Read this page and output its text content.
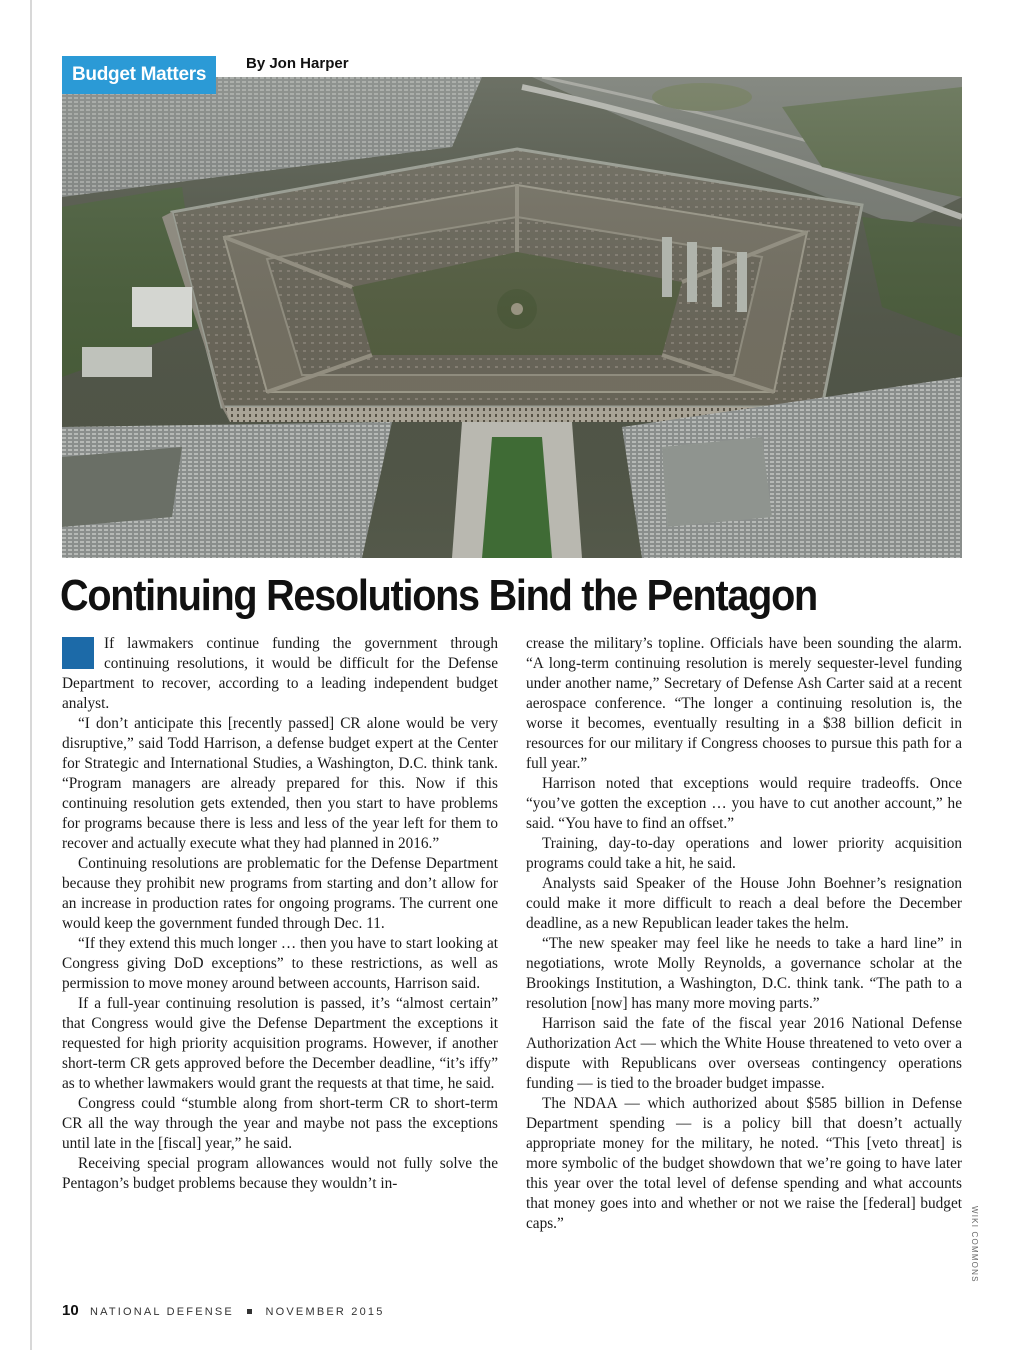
Budget Matters
By Jon Harper
Continuing Resolutions Bind the Pentagon

If lawmakers continue funding the government through continuing resolutions, it would be difficult for the Defense Department to recover, according to a leading independent budget analyst.

“I don’t anticipate this [recently passed] CR alone would be very disruptive,” said Todd Harrison, a defense budget expert at the Center for Strategic and International Studies, a Washington, D.C. think tank. “Program managers are already prepared for this. Now if this continuing resolution gets extended, then you start to have problems for programs because there is less and less of the year left for them to recover and actually execute what they had planned in 2016.”

Continuing resolutions are problematic for the Defense Department because they prohibit new programs from starting and don’t allow for an increase in production rates for ongoing programs. The current one would keep the government funded through Dec. 11.

“If they extend this much longer … then you have to start looking at Congress giving DoD exceptions” to these restrictions, as well as permission to move money around between accounts, Harrison said.

If a full-year continuing resolution is passed, it’s “almost certain” that Congress would give the Defense Department the exceptions it requested for high priority acquisition programs. However, if another short-term CR gets approved before the December deadline, “it’s iffy” as to whether lawmakers would grant the requests at that time, he said.

Congress could “stumble along from short-term CR to short-term CR all the way through the year and maybe not pass the exceptions until late in the [fiscal] year,” he said.

Receiving special program allowances would not fully solve the Pentagon’s budget problems because they wouldn’t in-

crease the military’s topline. Officials have been sounding the alarm. “A long-term continuing resolution is merely sequester-level funding under another name,” Secretary of Defense Ash Carter said at a recent aerospace conference. “The longer a continuing resolution is, the worse it becomes, eventually resulting in a $38 billion deficit in resources for our military if Congress chooses to pursue this path for a full year.”

Harrison noted that exceptions would require tradeoffs. Once “you’ve gotten the exception … you have to cut another account,” he said. “You have to find an offset.”

Training, day-to-day operations and lower priority acquisition programs could take a hit, he said.

Analysts said Speaker of the House John Boehner’s resignation could make it more difficult to reach a deal before the December deadline, as a new Republican leader takes the helm.

“The new speaker may feel like he needs to take a hard line” in negotiations, wrote Molly Reynolds, a governance scholar at the Brookings Institution, a Washington, D.C. think tank. “The path to a resolution [now] has many more moving parts.”

Harrison said the fate of the fiscal year 2016 National Defense Authorization Act — which the White House threatened to veto over a dispute with Republicans over overseas contingency operations funding — is tied to the broader budget impasse.

The NDAA — which authorized about $585 billion in Defense Department spending — is a policy bill that doesn’t actually appropriate money for the military, he noted. “This [veto threat] is more symbolic of the budget showdown that we’re going to have later this year over the total level of defense spending and what accounts that money goes into and whether or not we raise the [federal] budget caps.”	WIKI COMMONS
10 NATIONAL DEFENSE	NOVEMBER 2015
